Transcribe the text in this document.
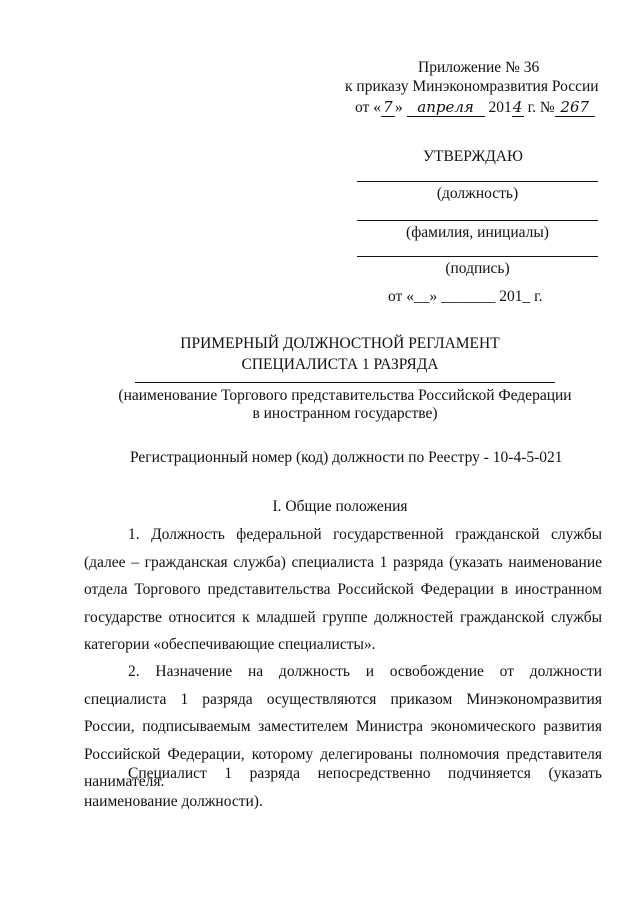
Приложение № 36
к приказу Минэкономразвития России
от « 7 » апреля 2014 г. № 267
УТВЕРЖДАЮ
(должность)
(фамилия, инициалы)
(подпись)
от «__» _______ 201_ г.
ПРИМЕРНЫЙ ДОЛЖНОСТНОЙ РЕГЛАМЕНТ
СПЕЦИАЛИСТА 1 РАЗРЯДА
(наименование Торгового представительства Российской Федерации
в иностранном государстве)
Регистрационный номер (код) должности по Реестру - 10-4-5-021
I. Общие положения
1. Должность федеральной государственной гражданской службы (далее – гражданская служба) специалиста 1 разряда (указать наименование отдела Торгового представительства Российской Федерации в иностранном государстве относится к младшей группе должностей гражданской службы категории «обеспечивающие специалисты».
2. Назначение на должность и освобождение от должности специалиста 1 разряда осуществляются приказом Минэкономразвития России, подписываемым заместителем Министра экономического развития Российской Федерации, которому делегированы полномочия представителя нанимателя.
Специалист 1 разряда непосредственно подчиняется (указать наименование должности).
